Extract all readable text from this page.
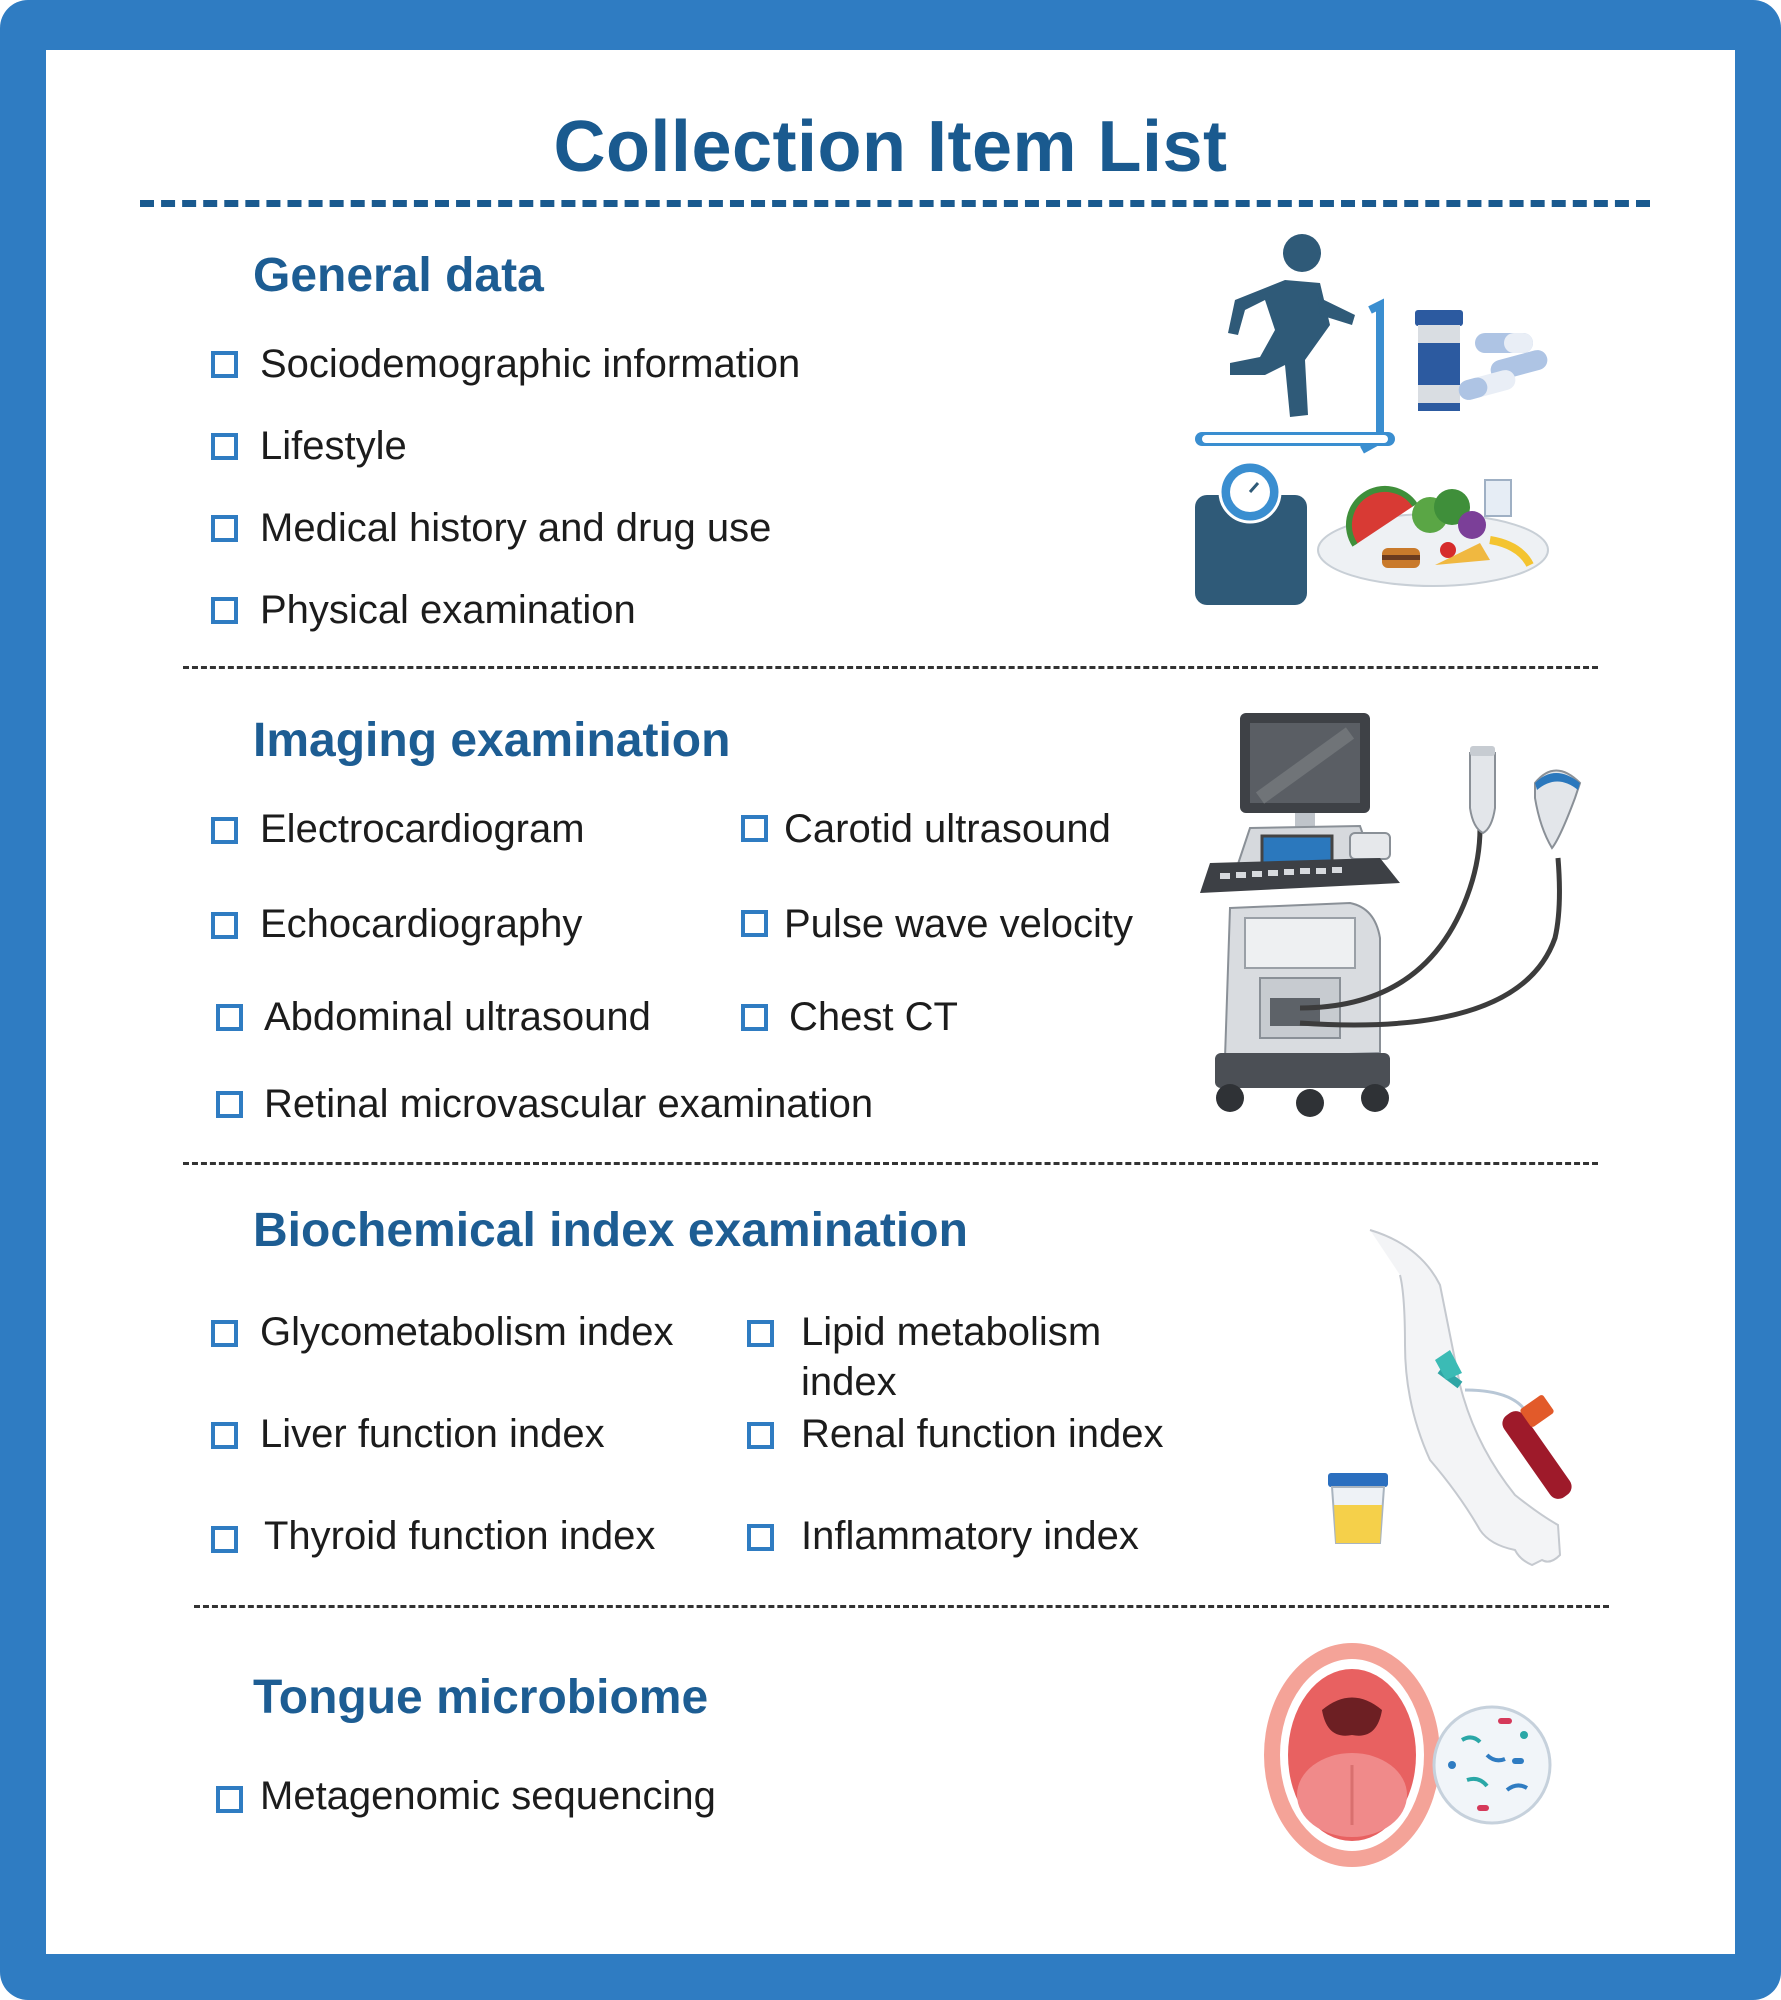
Collection Item List
General data
Sociodemographic information
Lifestyle
Medical history and drug use
Physical examination
Imaging examination
Electrocardiogram	Carotid ultrasound
Echocardiography	Pulse wave velocity
Abdominal ultrasound	Chest CT
Retinal microvascular examination
Biochemical index examination
Glycometabolism index	Lipid metabolism index
Liver function index	Renal function index
Thyroid function index	Inflammatory index
Tongue microbiome
Metagenomic sequencing
